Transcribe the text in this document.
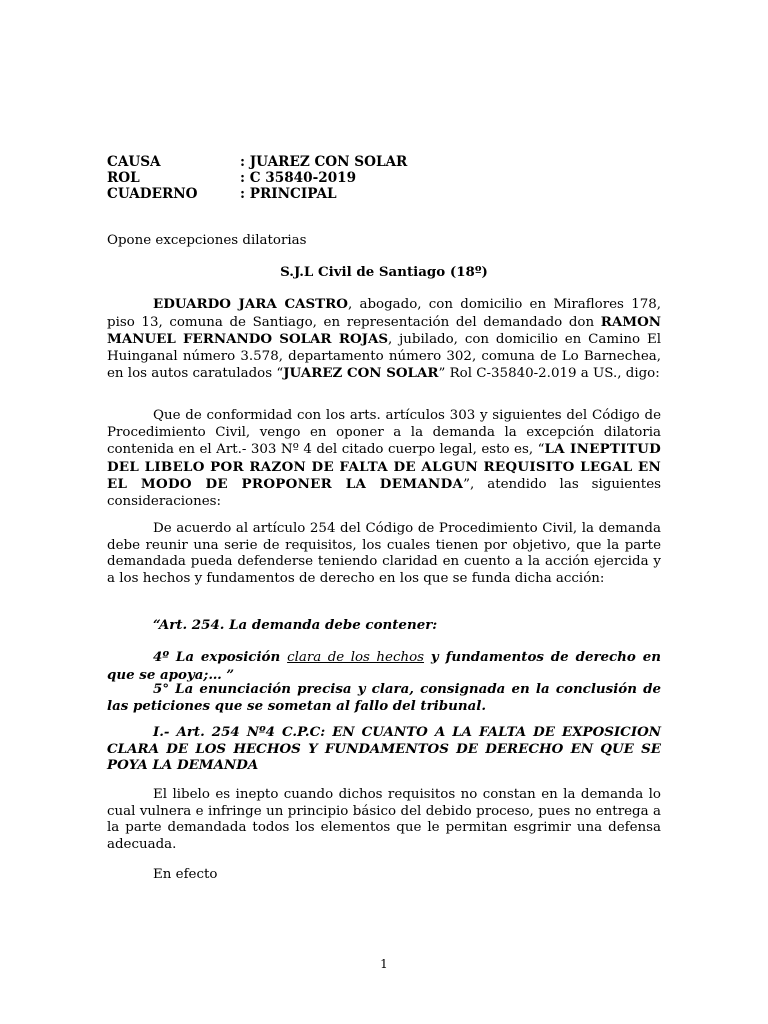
CAUSA	: JUAREZ CON SOLAR
ROL	: C 35840-2019
CUADERNO	: PRINCIPAL
Opone excepciones dilatorias
S.J.L Civil de Santiago (18º)
EDUARDO JARA CASTRO, abogado, con domicilio en Miraflores 178, piso 13, comuna de Santiago, en representación del demandado don RAMON MANUEL FERNANDO SOLAR ROJAS, jubilado, con domicilio en Camino El Huinganal número 3.578, departamento número 302, comuna de Lo Barnechea, en los autos caratulados “JUAREZ CON SOLAR” Rol C-35840-2.019 a US., digo:
Que de conformidad con los arts. artículos 303 y siguientes del Código de Procedimiento Civil, vengo en oponer a la demanda la excepción dilatoria contenida en el Art.- 303 Nº 4 del citado cuerpo legal, esto es, “LA INEPTITUD DEL LIBELO POR RAZON DE FALTA DE ALGUN REQUISITO LEGAL EN EL MODO DE PROPONER LA DEMANDA”, atendido las siguientes consideraciones:
De acuerdo al artículo 254 del Código de Procedimiento Civil, la demanda debe reunir una serie de requisitos, los cuales tienen por objetivo, que la parte demandada pueda defenderse teniendo claridad en cuento a la acción ejercida y a los hechos y fundamentos de derecho en los que se funda dicha acción:
“Art. 254. La demanda debe contener:
4º La exposición clara de los hechos y fundamentos de derecho en que se apoya;… ”
5° La enunciación precisa y clara, consignada en la conclusión de las peticiones que se sometan al fallo del tribunal.
I.- Art. 254 Nº4 C.P.C: EN CUANTO A LA FALTA DE EXPOSICION CLARA DE LOS HECHOS Y FUNDAMENTOS DE DERECHO EN QUE SE POYA LA DEMANDA
El libelo es inepto cuando dichos requisitos no constan en la demanda lo cual vulnera e infringe un principio básico del debido proceso, pues no entrega a la parte demandada todos los elementos que le permitan esgrimir una defensa adecuada.
En efecto
1
